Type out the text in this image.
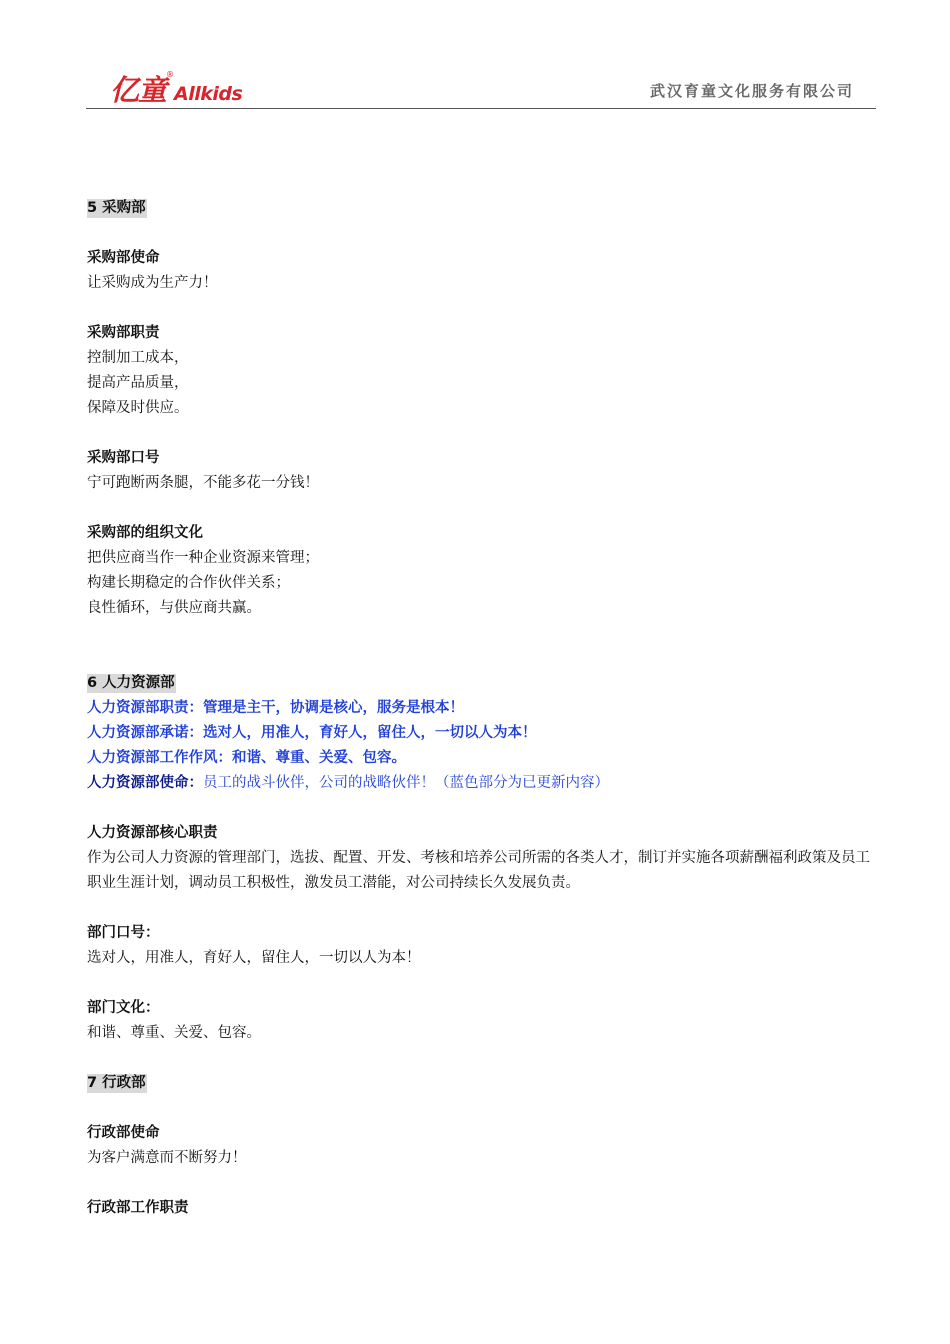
亿童®Allkids	武汉育童文化服务有限公司
5 采购部
采购部使命
让采购成为生产力！
采购部职责
控制加工成本，
提高产品质量，
保障及时供应。
采购部口号
宁可跑断两条腿，不能多花一分钱！
采购部的组织文化
把供应商当作一种企业资源来管理；
构建长期稳定的合作伙伴关系；
良性循环，与供应商共赢。
6 人力资源部
人力资源部职责：管理是主干，协调是核心，服务是根本！
人力资源部承诺：选对人，用准人，育好人，留住人，一切以人为本！
人力资源部工作作风：和谐、尊重、关爱、包容。
人力资源部使命：员工的战斗伙伴，公司的战略伙伴！（蓝色部分为已更新内容）
人力资源部核心职责
作为公司人力资源的管理部门，选拔、配置、开发、考核和培养公司所需的各类人才，制订并实施各项薪酬福利政策及员工职业生涯计划，调动员工积极性，激发员工潜能，对公司持续长久发展负责。
部门口号：
选对人，用准人，育好人，留住人，一切以人为本！
部门文化：
和谐、尊重、关爱、包容。
7 行政部
行政部使命
为客户满意而不断努力！
行政部工作职责
